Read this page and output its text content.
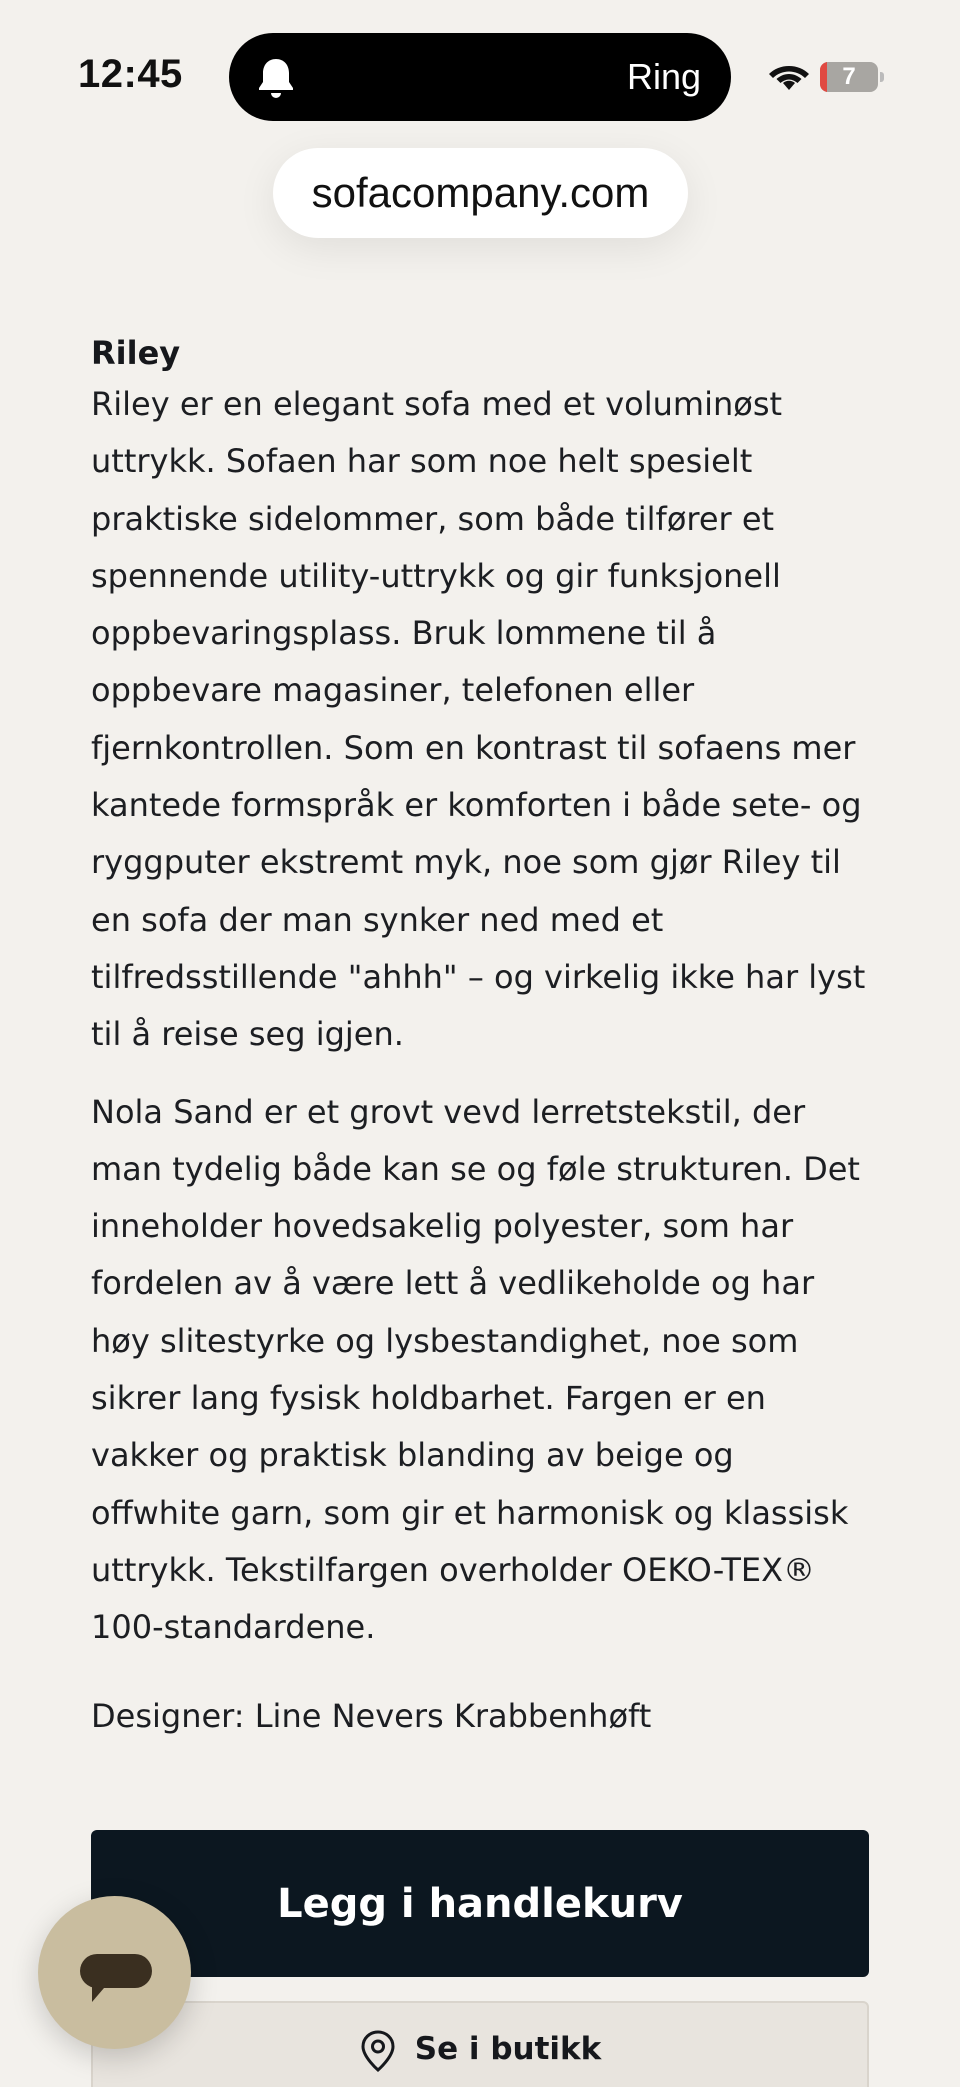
12:45	Ring	7
sofacompany.com
Riley

Riley er en elegant sofa med et voluminøst uttrykk. Sofaen har som noe helt spesielt praktiske sidelommer, som både tilfører et spennende utility-uttrykk og gir funksjonell oppbevaringsplass. Bruk lommene til å oppbevare magasiner, telefonen eller fjernkontrollen. Som en kontrast til sofaens mer kantede formspråk er komforten i både sete- og ryggputer ekstremt myk, noe som gjør Riley til en sofa der man synker ned med et tilfredsstillende "ahhh" – og virkelig ikke har lyst til å reise seg igjen.

Nola Sand er et grovt vevd lerretstekstil, der man tydelig både kan se og føle strukturen. Det inneholder hovedsakelig polyester, som har fordelen av å være lett å vedlikeholde og har høy slitestyrke og lysbestandighet, noe som sikrer lang fysisk holdbarhet. Fargen er en vakker og praktisk blanding av beige og offwhite garn, som gir et harmonisk og klassisk uttrykk. Tekstilfargen overholder OEKO-TEX® 100-standardene.

Designer: Line Nevers Krabbenhøft

Legg i handlekurv
Se i butikk
